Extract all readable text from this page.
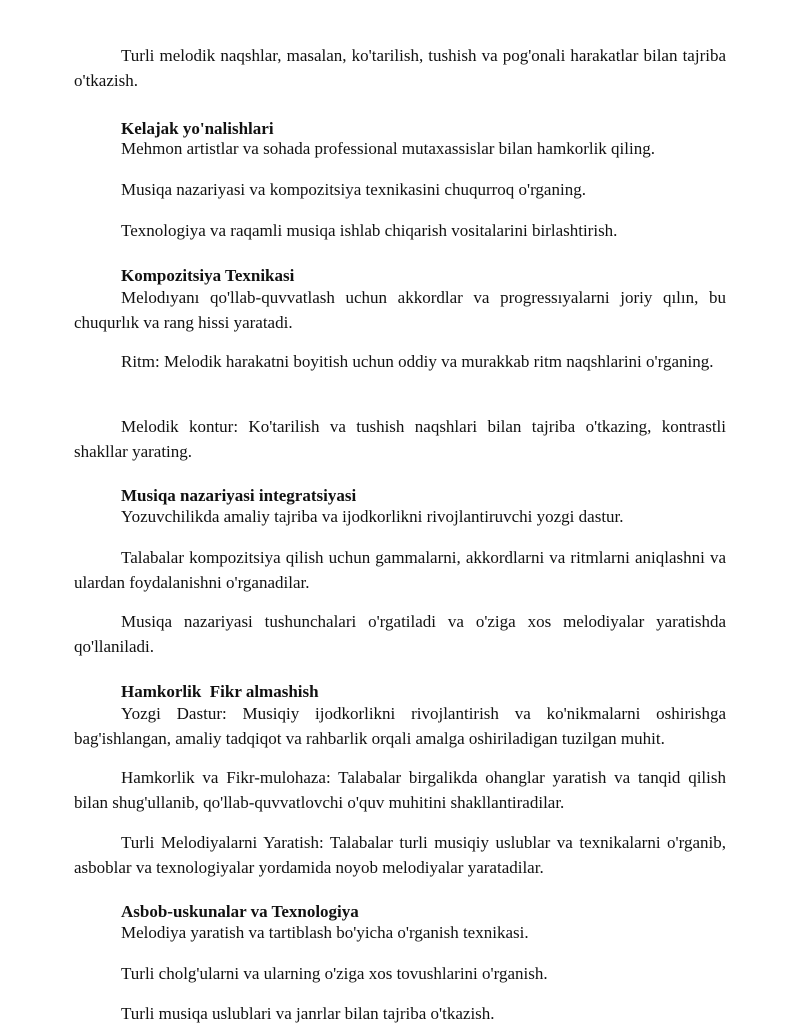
Turli melodik naqshlar, masalan, ko'tarilish, tushish va pog'onali harakatlar bilan tajriba o'tkazish.

Kelajak yo'nalishlari

Mehmon artistlar va sohada professional mutaxassislar bilan hamkorlik qiling.

Musiqa nazariyasi va kompozitsiya texnikasini chuqurroq o'rganing.

Texnologiya va raqamli musiqa ishlab chiqarish vositalarini birlashtirish.

Kompozitsiya Texnikasi

Melodıyanı qo'llab-quvvatlash uchun akkordlar va progressıyalarni joriy qılın, bu chuqurlık va rang hissi yaratadi.

Ritm: Melodik harakatni boyitish uchun oddiy va murakkab ritm naqshlarini o'rganing.

Melodik kontur: Ko'tarilish va tushish naqshlari bilan tajriba o'tkazing, kontrastli shakllar yarating.

Musiqa nazariyasi integratsiyasi

Yozuvchilikda amaliy tajriba va ijodkorlikni rivojlantiruvchi yozgi dastur.

Talabalar kompozitsiya qilish uchun gammalarni, akkordlarni va ritmlarni aniqlashni va ulardan foydalanishni o'rganadilar.

Musiqa nazariyasi tushunchalari o'rgatiladi va o'ziga xos melodiyalar yaratishda qo'llaniladi.

Hamkorlik  Fikr almashish

Yozgi Dastur: Musiqiy ijodkorlikni rivojlantirish va ko'nikmalarni oshirishga bag'ishlangan, amaliy tadqiqot va rahbarlik orqali amalga oshiriladigan tuzilgan muhit.

Hamkorlik va Fikr-mulohaza: Talabalar birgalikda ohanglar yaratish va tanqid qilish bilan shug'ullanib, qo'llab-quvvatlovchi o'quv muhitini shakllantiradilar.

Turli Melodiyalarni Yaratish: Talabalar turli musiqiy uslublar va texnikalarni o'rganib, asboblar va texnologiyalar yordamida noyob melodiyalar yaratadilar.

Asbob-uskunalar va Texnologiya

Melodiya yaratish va tartiblash bo'yicha o'rganish texnikasi.

Turli cholg'ularni va ularning o'ziga xos tovushlarini o'rganish.

Turli musiqa uslublari va janrlar bilan tajriba o'tkazish.
